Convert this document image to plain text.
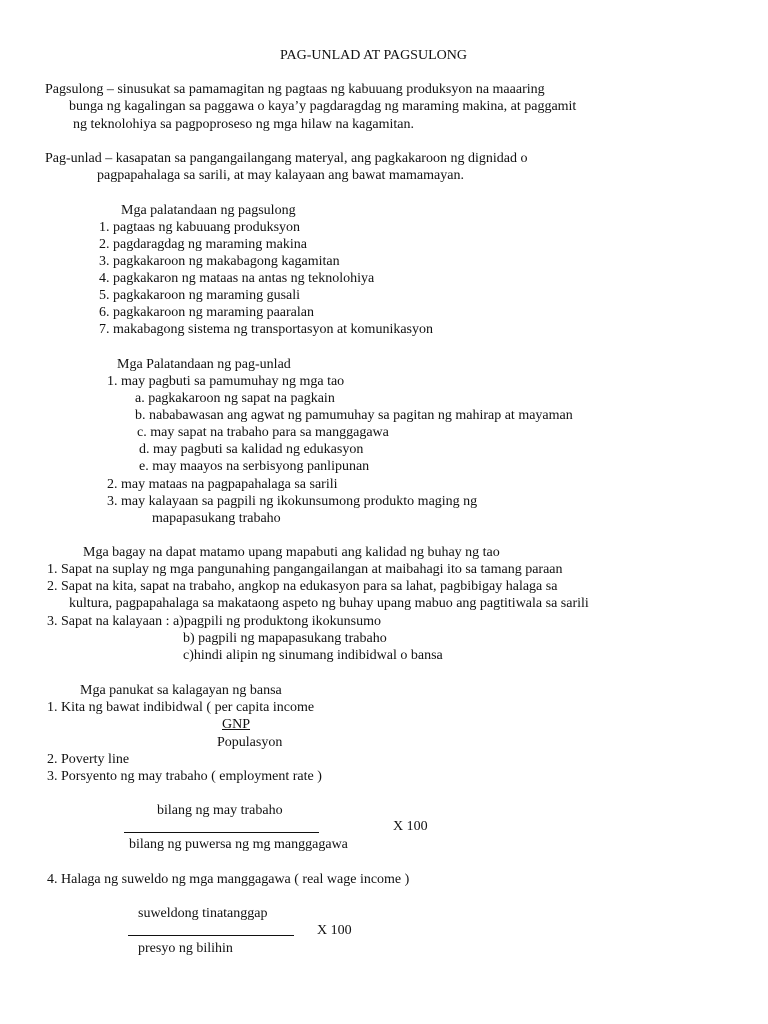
PAG-UNLAD AT PAGSULONG
Pagsulong – sinusukat sa pamamagitan ng pagtaas ng kabuuang produksyon na maaaring
bunga ng kagalingan sa paggawa o kaya’y pagdaragdag ng maraming makina, at paggamit
ng teknolohiya sa pagpoproseso ng mga hilaw na kagamitan.
Pag-unlad – kasapatan sa pangangailangang materyal, ang pagkakaroon ng dignidad o
pagpapahalaga sa sarili, at may kalayaan ang bawat mamamayan.
Mga palatandaan ng pagsulong
1. pagtaas ng kabuuang produksyon
2. pagdaragdag ng maraming makina
3. pagkakaroon ng makabagong kagamitan
4. pagkakaron ng mataas na antas ng teknolohiya
5. pagkakaroon ng maraming gusali
6. pagkakaroon ng maraming paaralan
7. makabagong sistema ng transportasyon at komunikasyon
Mga Palatandaan ng pag-unlad
1. may pagbuti sa pamumuhay ng mga tao
a. pagkakaroon ng sapat na pagkain
b. nababawasan ang agwat ng pamumuhay sa pagitan ng mahirap at mayaman
c. may sapat na trabaho para sa manggagawa
d. may pagbuti sa kalidad ng edukasyon
e. may maayos na serbisyong panlipunan
2. may mataas na pagpapahalaga sa sarili
3. may kalayaan sa pagpili ng ikokunsumong produkto maging ng
mapapasukang trabaho
Mga bagay na dapat matamo upang mapabuti ang kalidad ng buhay ng tao
1. Sapat na suplay ng mga pangunahing pangangailangan at maibahagi ito sa tamang paraan
2. Sapat na kita, sapat na trabaho, angkop na edukasyon para sa lahat, pagbibigay halaga sa
kultura, pagpapahalaga sa makataong aspeto ng buhay upang mabuo ang pagtitiwala sa sarili
3. Sapat na kalayaan : a)pagpili ng produktong ikokunsumo
b) pagpili ng mapapasukang trabaho
c)hindi alipin ng sinumang indibidwal o bansa
Mga panukat sa kalagayan ng bansa
1. Kita ng bawat indibidwal ( per capita income
GNP
Populasyon
2. Poverty line
3. Porsyento ng may trabaho ( employment rate )
bilang ng may trabaho
X 100
bilang ng puwersa ng mg manggagawa
4. Halaga ng suweldo ng mga manggagawa ( real wage income )
suweldong tinatanggap
X 100
presyo ng bilihin
